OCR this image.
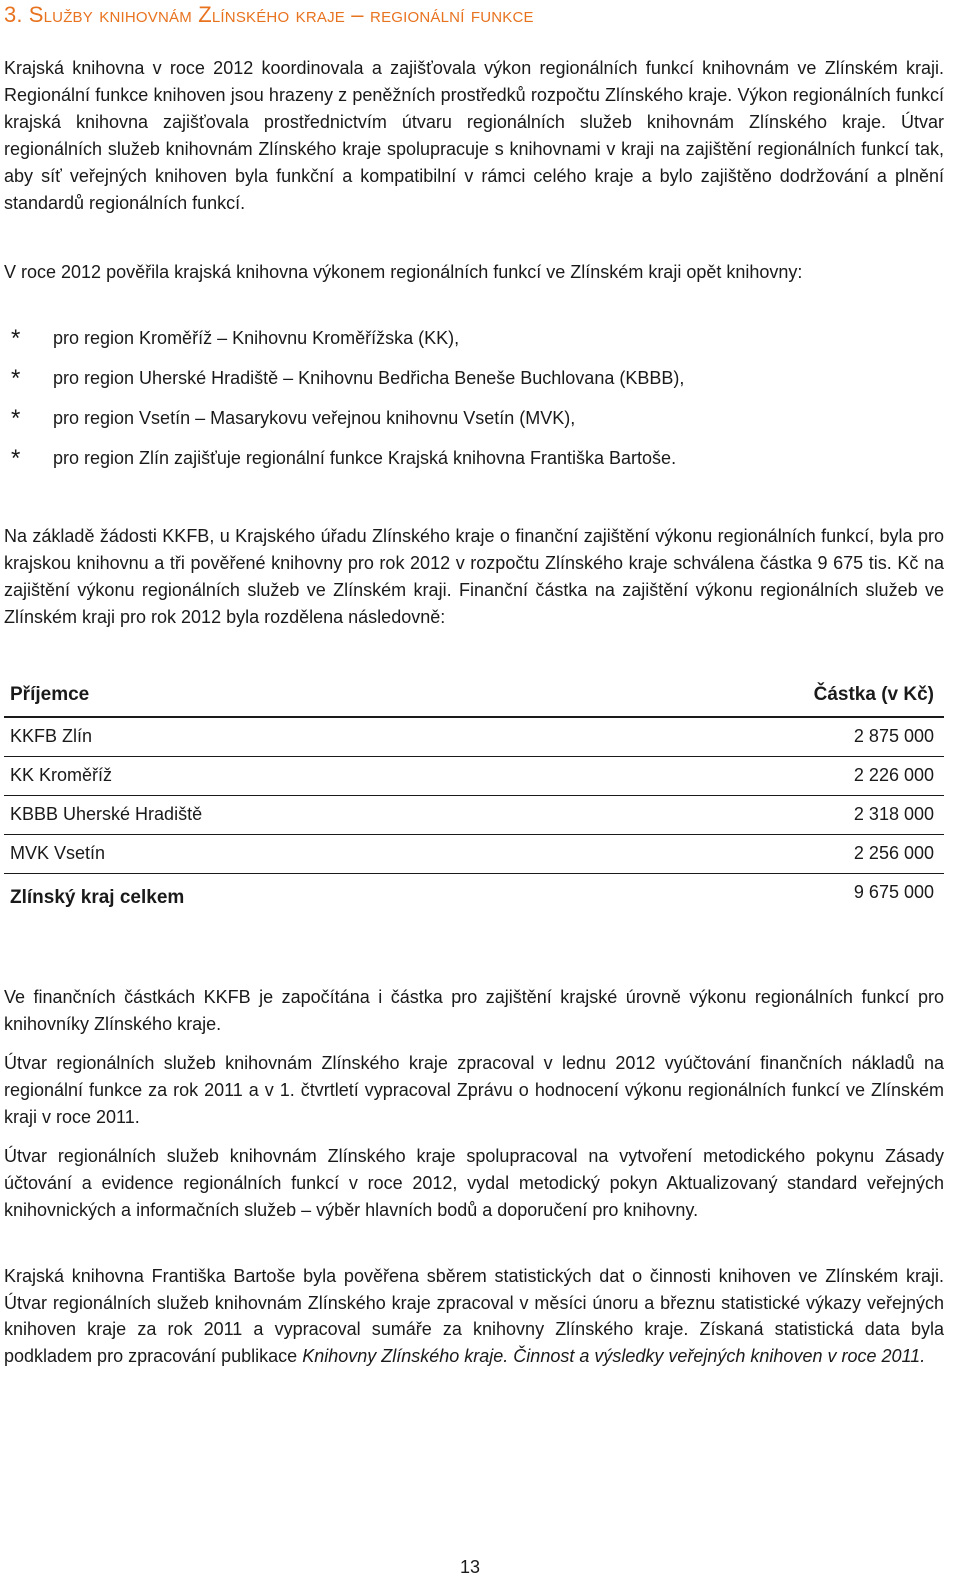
3. Služby knihovnám Zlínského kraje – regionální funkce

Krajská knihovna v roce 2012 koordinovala a zajišťovala výkon regionálních funkcí knihovnám ve Zlínském kraji. Regionální funkce knihoven jsou hrazeny z peněžních prostředků rozpočtu Zlínského kraje. Výkon regionálních funkcí krajská knihovna zajišťovala prostřednictvím útvaru regionálních služeb knihovnám Zlínského kraje. Útvar regionálních služeb knihovnám Zlínského kraje spolupracuje s knihovnami v kraji na zajištění regionálních funkcí tak, aby síť veřejných knihoven byla funkční a kompatibilní v rámci celého kraje a bylo zajištěno dodržování a plnění standardů regionálních funkcí.

V roce 2012 pověřila krajská knihovna výkonem regionálních funkcí ve Zlínském kraji opět knihovny:

* pro region Kroměříž – Knihovnu Kroměřížska (KK),
* pro region Uherské Hradiště – Knihovnu Bedřicha Beneše Buchlovana (KBBB),
* pro region Vsetín – Masarykovu veřejnou knihovnu Vsetín (MVK),
* pro region Zlín zajišťuje regionální funkce Krajská knihovna Františka Bartoše.

Na základě žádosti KKFB, u Krajského úřadu Zlínského kraje o finanční zajištění výkonu regionálních funkcí, byla pro krajskou knihovnu a tři pověřené knihovny pro rok 2012 v rozpočtu Zlínského kraje schválena částka 9 675 tis. Kč na zajištění výkonu regionálních služeb ve Zlínském kraji. Finanční částka na zajištění výkonu regionálních služeb ve Zlínském kraji pro rok 2012 byla rozdělena následovně:

Příjemce	Částka (v Kč)
KKFB Zlín	2 875 000
KK Kroměříž	2 226 000
KBBB Uherské Hradiště	2 318 000
MVK Vsetín	2 256 000
Zlínský kraj celkem	9 675 000

Ve finančních částkách KKFB je započítána i částka pro zajištění krajské úrovně výkonu regionálních funkcí pro knihovníky Zlínského kraje.

Útvar regionálních služeb knihovnám Zlínského kraje zpracoval v lednu 2012 vyúčtování finančních nákladů na regionální funkce za rok 2011 a v 1. čtvrtletí vypracoval Zprávu o hodnocení výkonu regionálních funkcí ve Zlínském kraji v roce 2011.

Útvar regionálních služeb knihovnám Zlínského kraje spolupracoval na vytvoření metodického pokynu Zásady účtování a evidence regionálních funkcí v roce 2012, vydal metodický pokyn Aktualizovaný standard veřejných knihovnických a informačních služeb – výběr hlavních bodů a doporučení pro knihovny.

Krajská knihovna Františka Bartoše byla pověřena sběrem statistických dat o činnosti knihoven ve Zlínském kraji. Útvar regionálních služeb knihovnám Zlínského kraje zpracoval v měsíci únoru a březnu statistické výkazy veřejných knihoven kraje za rok 2011 a vypracoval sumáře za knihovny Zlínského kraje. Získaná statistická data byla podkladem pro zpracování publikace Knihovny Zlínského kraje. Činnost a výsledky veřejných knihoven v roce 2011.

13
